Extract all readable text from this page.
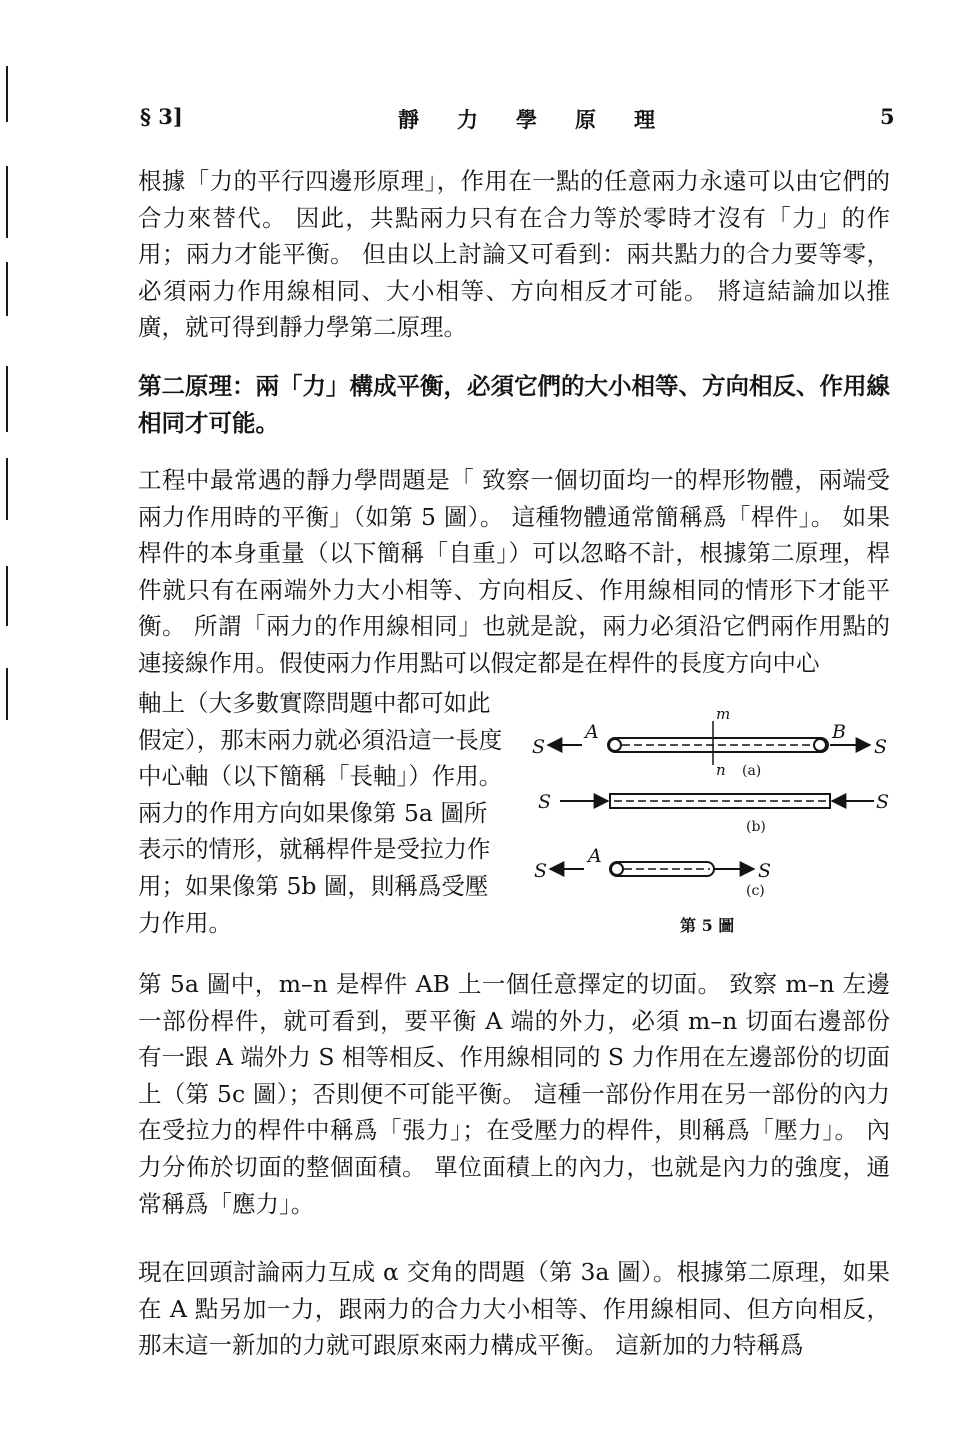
§ 3]	靜力學原理	5

根據「力的平行四邊形原理」，作用在一點的任意兩力永遠可以由它們的合力來替代。 因此，共點兩力只有在合力等於零時才沒有「力」的作用；兩力才能平衡。 但由以上討論又可看到：兩共點力的合力要等零，必須兩力作用線相同、大小相等、方向相反才可能。 將這結論加以推廣，就可得到靜力學第二原理。

第二原理：兩「力」構成平衡，必須它們的大小相等、方向相反、作用線相同才可能。

工程中最常遇的靜力學問題是「 致察一個切面均一的桿形物體，兩端受兩力作用時的平衡」（如第 5 圖）。 這種物體通常簡稱爲「桿件」。 如果桿件的本身重量（以下簡稱「自重」）可以忽略不計，根據第二原理，桿件就只有在兩端外力大小相等、方向相反、作用線相同的情形下才能平衡。 所謂「兩力的作用線相同」也就是說，兩力必須沿它們兩作用點的連接線作用。假使兩力作用點可以假定都是在桿件的長度方向中心

軸上（大多數實際問題中都可如此假定），那末兩力就必須沿這一長度中心軸（以下簡稱「長軸」）作用。兩力的作用方向如果像第 5a 圖所表示的情形，就稱桿件是受拉力作用；如果像第 5b 圖，則稱爲受壓力作用。

S
A
m
n
B
S
(a)
S	S
(b)
S
A
S
(c)
第 5 圖

第 5a 圖中，m–n 是桿件 AB 上一個任意擇定的切面。 致察 m–n 左邊一部份桿件，就可看到，要平衡 A 端的外力，必須 m–n 切面右邊部份有一跟 A 端外力 S 相等相反、作用線相同的 S 力作用在左邊部份的切面上（第 5c 圖）；否則便不可能平衡。 這種一部份作用在另一部份的內力在受拉力的桿件中稱爲「張力」；在受壓力的桿件，則稱爲「壓力」。 內力分佈於切面的整個面積。 單位面積上的內力，也就是內力的強度，通常稱爲「應力」。

現在回頭討論兩力互成 α 交角的問題（第 3a 圖）。根據第二原理，如果在 A 點另加一力，跟兩力的合力大小相等、作用線相同、但方向相反，那末這一新加的力就可跟原來兩力構成平衡。 這新加的力特稱爲
